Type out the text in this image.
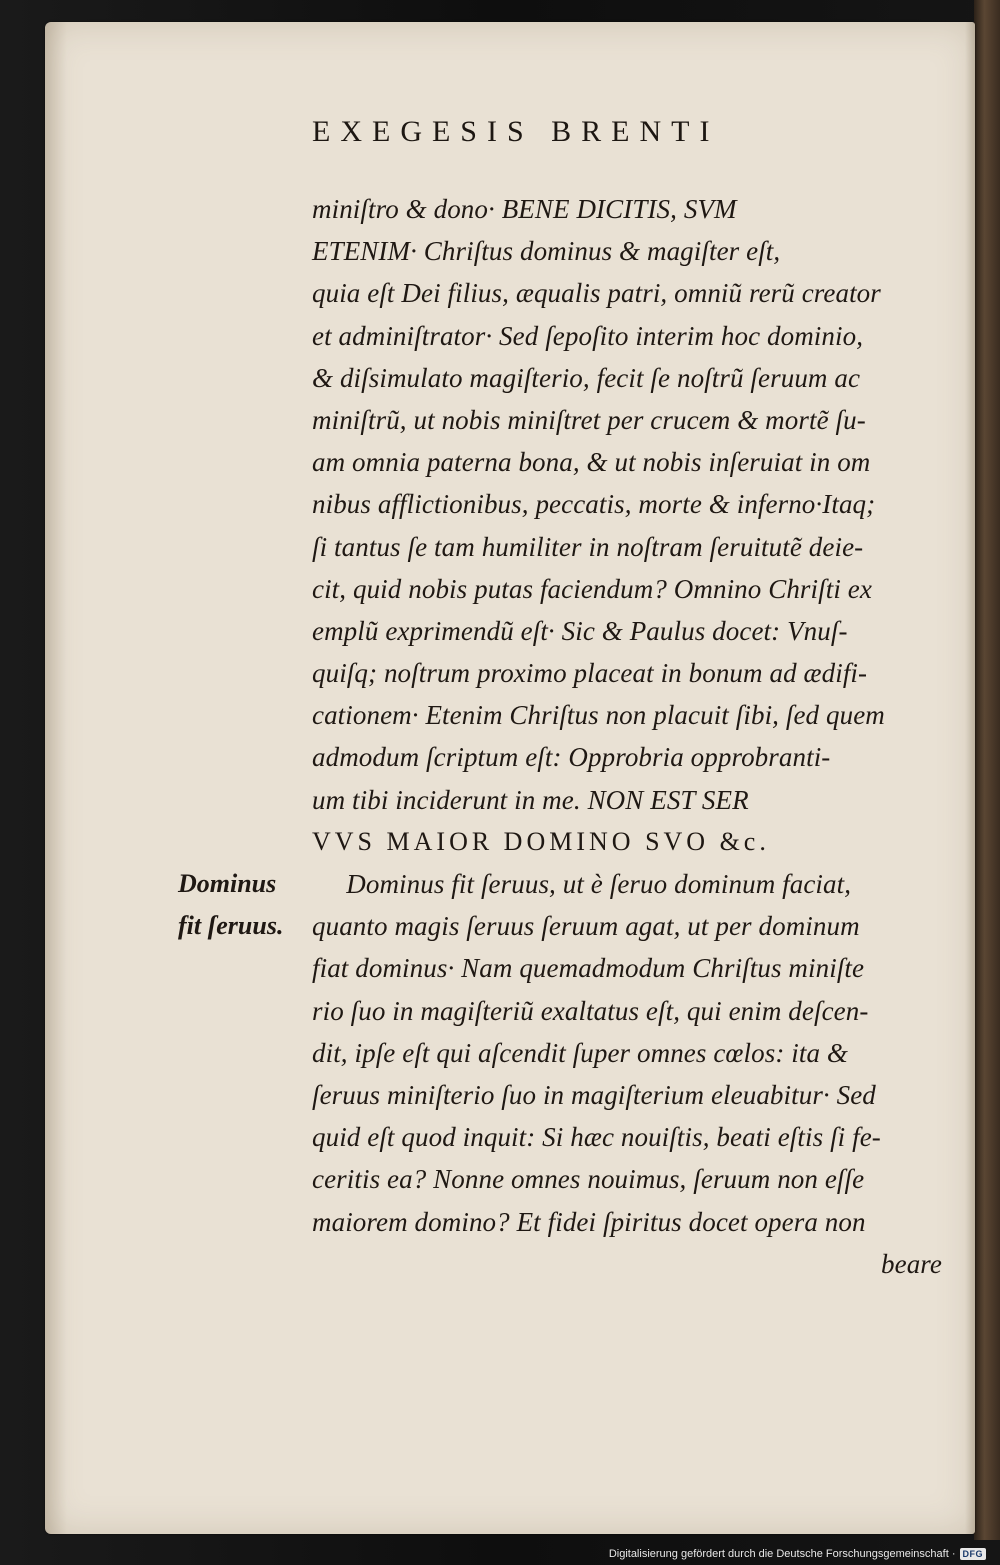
EXEGESIS BRENTI
miniſtro & dono· BENE DICITIS, SVM
ETENIM· Chriſtus dominus & magiſter eſt,
quia eſt Dei filius, æqualis patri, omniũ rerũ creator
et adminiſtrator· Sed ſepoſito interim hoc dominio,
& diſsimulato magiſterio, fecit ſe noſtrũ ſeruum ac
miniſtrũ, ut nobis miniſtret per crucem & mortẽ ſu-
am omnia paterna bona, & ut nobis inſeruiat in om
nibus afflictionibus, peccatis, morte & inferno·Itaq;
ſi tantus ſe tam humiliter in noſtram ſeruitutẽ deie-
cit, quid nobis putas faciendum? Omnino Chriſti ex
emplũ exprimendũ eſt· Sic & Paulus docet: Vnuſ-
quiſq; noſtrum proximo placeat in bonum ad ædifi-
cationem· Etenim Chriſtus non placuit ſibi, ſed quem
admodum ſcriptum eſt: Opprobria opprobranti-
um tibi inciderunt in me. NON EST SER
VVS MAIOR DOMINO SVO &c.
Dominus fit ſeruus, ut è ſeruo dominum faciat,
quanto magis ſeruus ſeruum agat, ut per dominum
fiat dominus· Nam quemadmodum Chriſtus miniſte
rio ſuo in magiſteriũ exaltatus eſt, qui enim deſcen-
dit, ipſe eſt qui aſcendit ſuper omnes cœlos: ita &
ſeruus miniſterio ſuo in magiſterium eleuabitur· Sed
quid eſt quod inquit: Si hæc nouiſtis, beati eſtis ſi fe-
ceritis ea? Nonne omnes nouimus, ſeruum non eſſe
maiorem domino? Et fidei ſpiritus docet opera non
beare
Dominus
fit ſeruus.
Digitalisierung gefördert durch die Deutsche Forschungsgemeinschaft · DFG
